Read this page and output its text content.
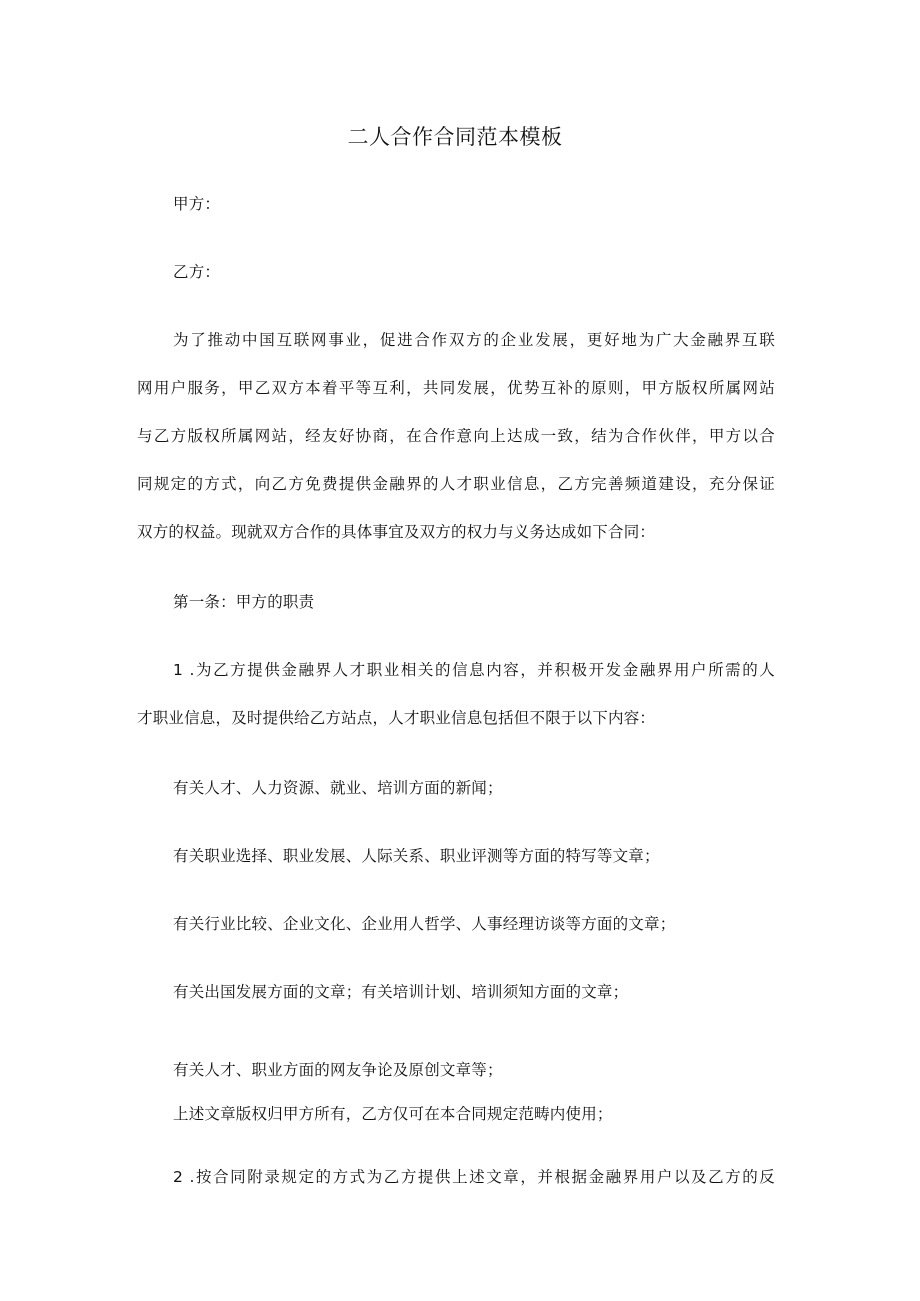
二人合作合同范本模板
甲方：
乙方：
为了推动中国互联网事业，促进合作双方的企业发展，更好地为广大金融界互联
网用户服务，甲乙双方本着平等互利，共同发展，优势互补的原则，甲方版权所属网站
与乙方版权所属网站，经友好协商，在合作意向上达成一致，结为合作伙伴，甲方以合
同规定的方式，向乙方免费提供金融界的人才职业信息，乙方完善频道建设，充分保证
双方的权益。现就双方合作的具体事宜及双方的权力与义务达成如下合同：
第一条：甲方的职责
1 .为乙方提供金融界人才职业相关的信息内容，并积极开发金融界用户所需的人
才职业信息，及时提供给乙方站点，人才职业信息包括但不限于以下内容：
有关人才、人力资源、就业、培训方面的新闻；
有关职业选择、职业发展、人际关系、职业评测等方面的特写等文章；
有关行业比较、企业文化、企业用人哲学、人事经理访谈等方面的文章；
有关出国发展方面的文章；有关培训计划、培训须知方面的文章；
有关人才、职业方面的网友争论及原创文章等；
上述文章版权归甲方所有，乙方仅可在本合同规定范畴内使用；
2 .按合同附录规定的方式为乙方提供上述文章，并根据金融界用户以及乙方的反
